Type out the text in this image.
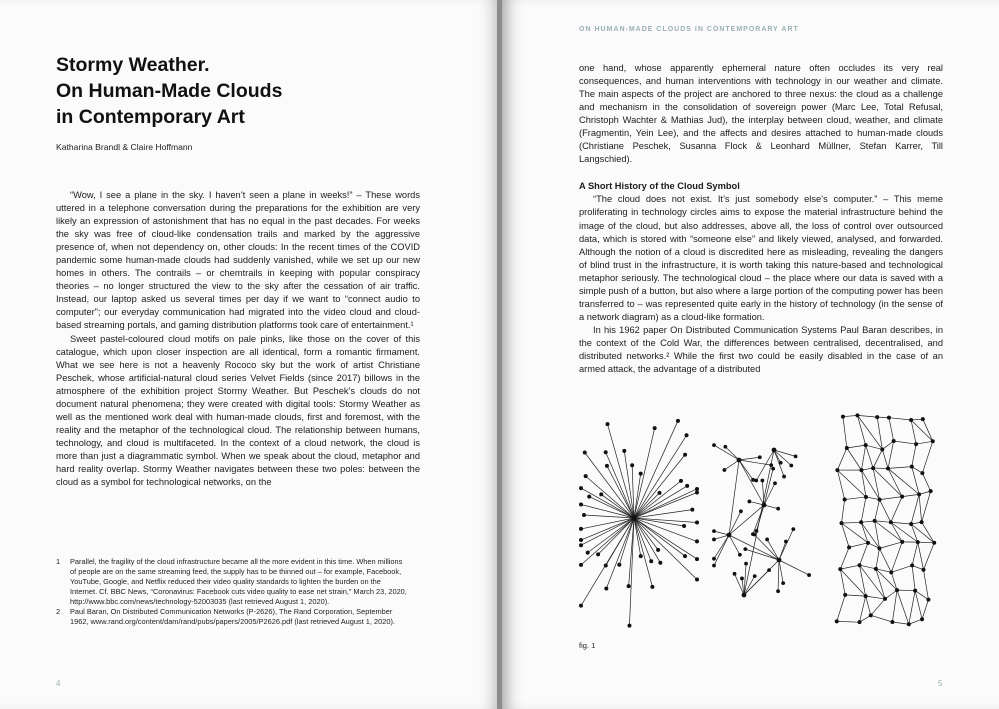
Stormy Weather.
On Human-Made Clouds
in Contemporary Art
Katharina Brandl & Claire Hoffmann

“Wow, I see a plane in the sky. I haven’t seen a plane in weeks!” – These words uttered in a telephone conversation during the preparations for the exhibition are very likely an expression of astonishment that has no equal in the past decades. For weeks the sky was free of cloud-like condensation trails and marked by the aggressive presence of, when not dependency on, other clouds: In the recent times of the COVID pandemic some human-made clouds had suddenly vanished, while we set up our new homes in others. The contrails – or chemtrails in keeping with popular conspiracy theories – no longer structured the view to the sky after the cessation of air traffic. Instead, our laptop asked us several times per day if we want to “connect audio to computer”; our everyday communication had migrated into the video cloud and cloud-based streaming portals, and gaming distribution platforms took care of entertainment.¹

Sweet pastel-coloured cloud motifs on pale pinks, like those on the cover of this catalogue, which upon closer inspection are all identical, form a romantic firmament. What we see here is not a heavenly Rococo sky but the work of artist Christiane Peschek, whose artificial-natural cloud series Velvet Fields (since 2017) billows in the atmosphere of the exhibition project Stormy Weather. But Peschek’s clouds do not document natural phenomena; they were created with digital tools: Stormy Weather as well as the mentioned work deal with human-made clouds, first and foremost, with the reality and the metaphor of the technological cloud. The relationship between humans, technology, and cloud is multifaceted. In the context of a cloud network, the cloud is more than just a diagrammatic symbol. When we speak about the cloud, metaphor and hard reality overlap. Stormy Weather navigates between these two poles: between the cloud as a symbol for technological networks, on the

1	Parallel, the fragility of the cloud infrastructure became all the more evident in this time. When millions of people are on the same streaming feed, the supply has to be thinned out – for example, Facebook, YouTube, Google, and Netflix reduced their video quality standards to lighten the burden on the Internet. Cf. BBC News, “Coronavirus: Facebook cuts video quality to ease net strain,” March 23, 2020, http://www.bbc.com/news/technology-52003035 (last retrieved August 1, 2020).
2	Paul Baran, On Distributed Communication Networks (P-2626), The Rand Corporation, September 1962, www.rand.org/content/dam/rand/pubs/papers/2005/P2626.pdf (last retrieved August 1, 2020).
4
ON HUMAN-MADE CLOUDS IN CONTEMPORARY ART

one hand, whose apparently ephemeral nature often occludes its very real consequences, and human interventions with technology in our weather and climate. The main aspects of the project are anchored to three nexus: the cloud as a challenge and mechanism in the consolidation of sovereign power (Marc Lee, Total Refusal, Christoph Wachter & Mathias Jud), the interplay between cloud, weather, and climate (Fragmentin, Yein Lee), and the affects and desires attached to human-made clouds (Christiane Peschek, Susanna Flock & Leonhard Müllner, Stefan Karrer, Till Langschied).

A Short History of the Cloud Symbol

“The cloud does not exist. It’s just somebody else’s computer.” – This meme proliferating in technology circles aims to expose the material infrastructure behind the image of the cloud, but also addresses, above all, the loss of control over outsourced data, which is stored with “someone else” and likely viewed, analysed, and forwarded. Although the notion of a cloud is discredited here as misleading, revealing the dangers of blind trust in the infrastructure, it is worth taking this nature-based and technological metaphor seriously. The technological cloud – the place where our data is saved with a simple push of a button, but also where a large portion of the computing power has been transferred to – was represented quite early in the history of technology (in the sense of a network diagram) as a cloud-like formation.

In his 1962 paper On Distributed Communication Systems Paul Baran describes, in the context of the Cold War, the differences between centralised, decentralised, and distributed networks.² While the first two could be easily disabled in the case of an armed attack, the advantage of a distributed

fig. 1
5
